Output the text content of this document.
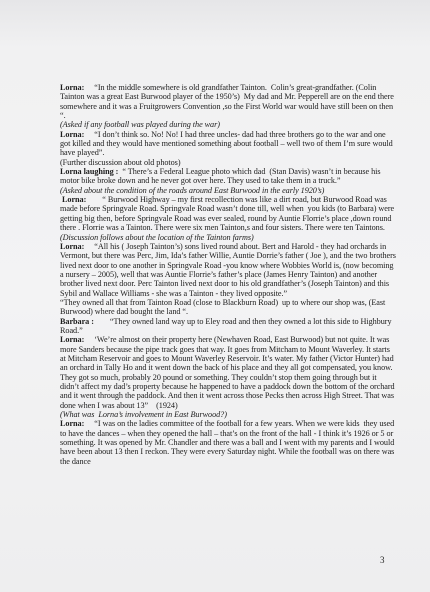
Lorna:     “In the middle somewhere is old grandfather Tainton.  Colin’s great-grandfather. (Colin Tainton was a great East Burwood player of the 1950’s)  My dad and Mr. Pepperell are on the end there somewhere and it was a Fruitgrowers Convention ,so the First World war would have still been on then “.

(Asked if any football was played during the war)

Lorna:     “I don’t think so. No! No! I had three uncles- dad had three brothers go to the war and one got killed and they would have mentioned something about football – well two of them I’m sure would have played”.

(Further discussion about old photos)

Lorna laughing :  “ There’s a Federal League photo which dad  (Stan Davis) wasn’t in because his motor bike broke down and he never got over here. They used to take them in a truck.”

(Asked about the condition of the roads around East Burwood in the early 1920’s)

Lorna:        “ Burwood Highway – my first recollection was like a dirt road, but Burwood Road was made before Springvale Road. Springvale Road wasn’t done till, well when  you kids (to Barbara) were getting big then, before Springvale Road was ever sealed, round by Auntie Florrie’s place ,down round there . Florrie was a Tainton. There were six men Tainton,s and four sisters. There were ten Taintons.

(Discussion follows about the location of the Tainton farms)

Lorna:     “All his ( Joseph Tainton’s) sons lived round about. Bert and Harold - they had orchards in Vermont, but there was Perc, Jim, Ida’s father Willie, Auntie Dorrie’s father ( Joe ), and the two brothers lived next door to one another in Springvale Road -you know where Wobbies World is, (now becoming a nursery – 2005), well that was Auntie Florrie’s father’s place (James Henry Tainton) and another brother lived next door. Perc Tainton lived next door to his old grandfather’s (Joseph Tainton) and this Sybil and Wallace Williams - she was a Tainton - they lived opposite.”

“They owned all that from Tainton Road (close to Blackburn Road)  up to where our shop was, (East Burwood) where dad bought the land “.

Barbara :        “They owned land way up to Eley road and then they owned a lot this side to Highbury Road.”

Lorna:     ‘We’re almost on their property here (Newhaven Road, East Burwood) but not quite. It was more Sanders because the pipe track goes that way. It goes from Mitcham to Mount Waverley. It starts at Mitcham Reservoir and goes to Mount Waverley Reservoir. It’s water. My father (Victor Hunter) had an orchard in Tally Ho and it went down the back of his place and they all got compensated, you know. They got so much, probably 20 pound or something. They couldn’t stop them going through but it didn’t affect my dad’s property because he happened to have a paddock down the bottom of the orchard and it went through the paddock. And then it went across those Pecks then across High Street. That was done when I was about 13”    (1924)

(What was  Lorna’s involvement in East Burwood?)

Lorna:     “I was on the ladies committee of the football for a few years. When we were kids  they used to have the dances – when they opened the hall – that’s on the front of the hall - I think it’s 1926 or 5 or something. It was opened by Mr. Chandler and there was a ball and I went with my parents and I would have been about 13 then I reckon. They were every Saturday night. While the football was on there was the dance

3
